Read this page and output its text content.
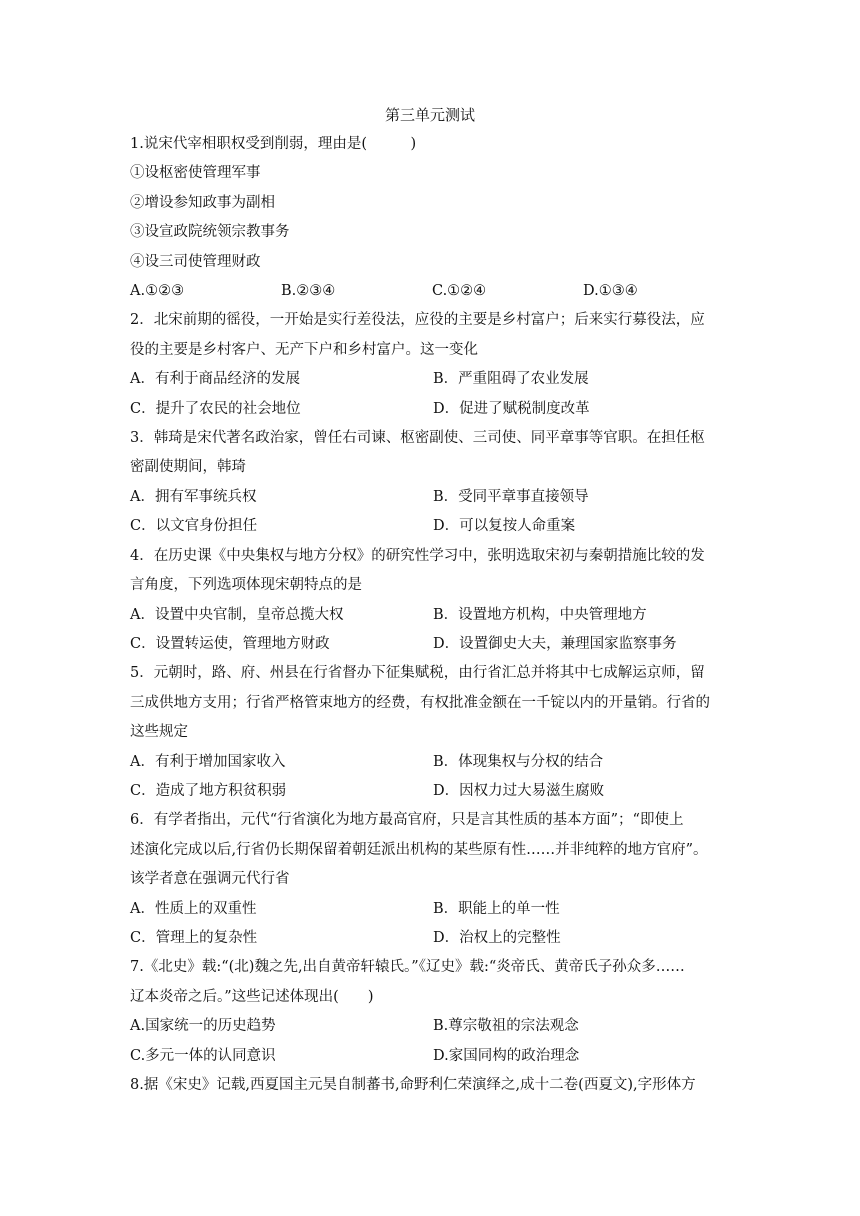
第三单元测试

1.说宋代宰相职权受到削弱，理由是(　　　)

①设枢密使管理军事

②增设参知政事为副相

③设宣政院统领宗教事务

④设三司使管理财政

A.①②③	B.②③④	C.①②④	D.①③④

2．北宋前期的徭役，一开始是实行差役法，应役的主要是乡村富户；后来实行募役法，应

役的主要是乡村客户、无产下户和乡村富户。这一变化

A．有利于商品经济的发展	B．严重阻碍了农业发展
C．提升了农民的社会地位	D．促进了赋税制度改革

3．韩琦是宋代著名政治家，曾任右司谏、枢密副使、三司使、同平章事等官职。在担任枢

密副使期间，韩琦

A．拥有军事统兵权	B．受同平章事直接领导
C．以文官身份担任	D．可以复按人命重案

4．在历史课《中央集权与地方分权》的研究性学习中，张明选取宋初与秦朝措施比较的发

言角度，下列选项体现宋朝特点的是

A．设置中央官制，皇帝总揽大权	B．设置地方机构，中央管理地方
C．设置转运使，管理地方财政	D．设置御史大夫，兼理国家监察事务

5．元朝时，路、府、州县在行省督办下征集赋税，由行省汇总并将其中七成解运京师，留

三成供地方支用；行省严格管束地方的经费，有权批准金额在一千锭以内的开量销。行省的

这些规定

A．有利于增加国家收入	B．体现集权与分权的结合
C．造成了地方积贫积弱	D．因权力过大易滋生腐败

6．有学者指出，元代“行省演化为地方最高官府，只是言其性质的基本方面”；“即使上

述演化完成以后,行省仍长期保留着朝廷派出机构的某些原有性……并非纯粹的地方官府”。

该学者意在强调元代行省

A．性质上的双重性	B．职能上的单一性
C．管理上的复杂性	D．治权上的完整性

7.《北史》载:“(北)魏之先,出自黄帝轩辕氏。”《辽史》载:“炎帝氏、黄帝氏子孙众多……

辽本炎帝之后。”这些记述体现出(　　)

A.国家统一的历史趋势	B.尊宗敬祖的宗法观念
C.多元一体的认同意识	D.家国同构的政治理念

8.据《宋史》记载,西夏国主元昊自制蕃书,命野利仁荣演绎之,成十二卷(西夏文),字形体方
